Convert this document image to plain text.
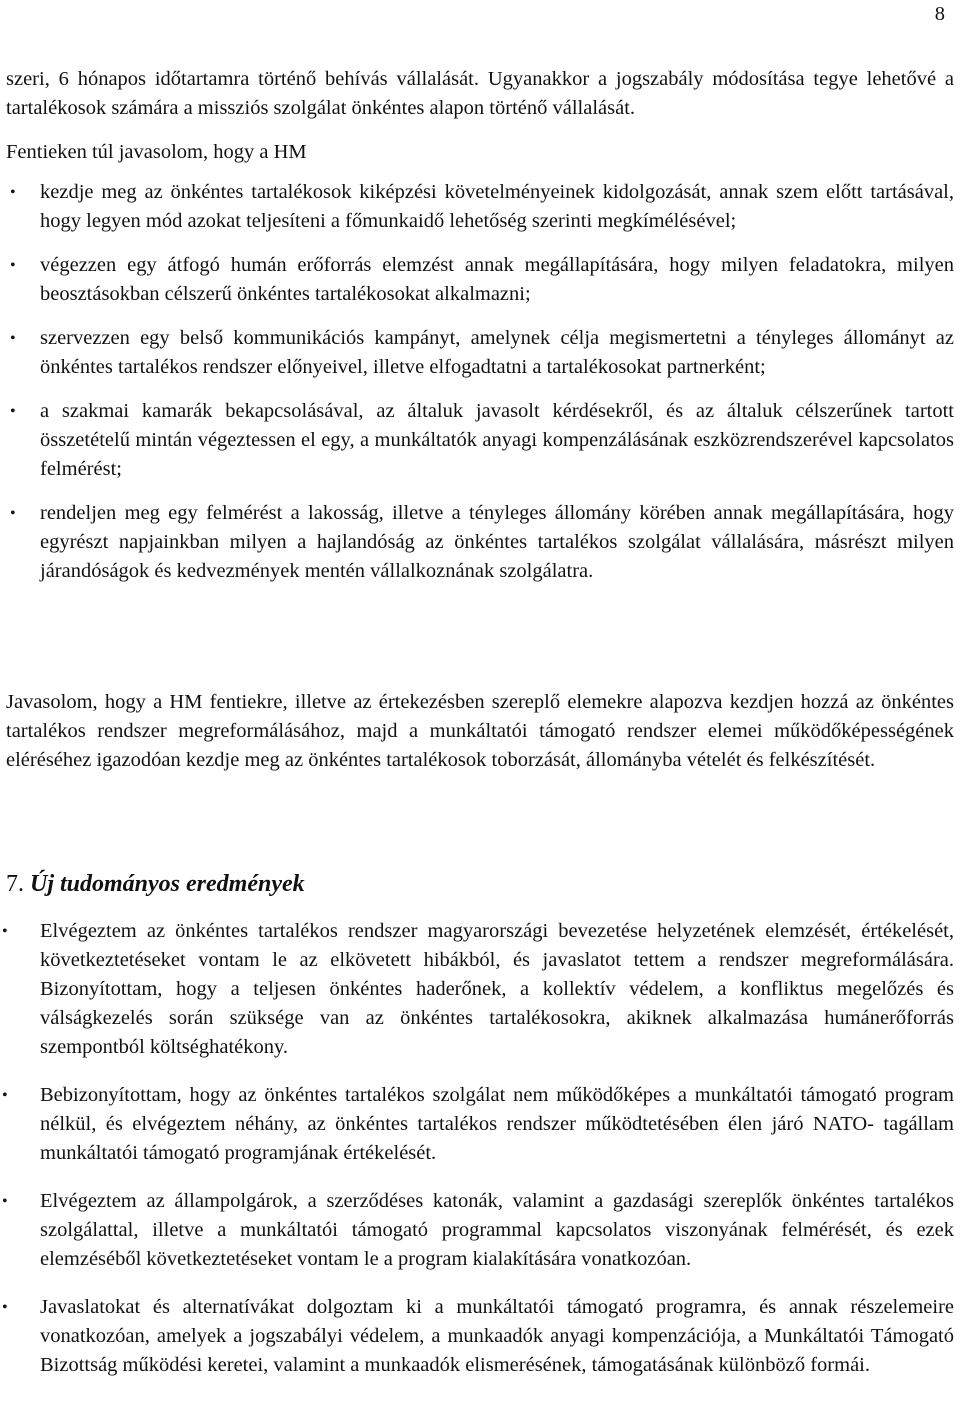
8

szeri, 6 hónapos időtartamra történő behívás vállalását. Ugyanakkor a jogszabály módosítása tegye lehetővé a tartalékosok számára a missziós szolgálat önkéntes alapon történő vállalását.

Fentieken túl javasolom, hogy a HM

• kezdje meg az önkéntes tartalékosok kiképzési követelményeinek kidolgozását, annak szem előtt tartásával, hogy legyen mód azokat teljesíteni a főmunkaidő lehetőség szerinti megkímélésével;
• végezzen egy átfogó humán erőforrás elemzést annak megállapítására, hogy milyen feladatokra, milyen beosztásokban célszerű önkéntes tartalékosokat alkalmazni;
• szervezzen egy belső kommunikációs kampányt, amelynek célja megismertetni a tényleges állományt az önkéntes tartalékos rendszer előnyeivel, illetve elfogadtatni a tartalékosokat partnerként;
• a szakmai kamarák bekapcsolásával, az általuk javasolt kérdésekről, és az általuk célszerűnek tartott összetételű mintán végeztessen el egy, a munkáltatók anyagi kompenzálásának eszközrendszerével kapcsolatos felmérést;
• rendeljen meg egy felmérést a lakosság, illetve a tényleges állomány körében annak megállapítására, hogy egyrészt napjainkban milyen a hajlandóság az önkéntes tartalékos szolgálat vállalására, másrészt milyen járandóságok és kedvezmények mentén vállalkoznának szolgálatra.

Javasolom, hogy a HM fentiekre, illetve az értekezésben szereplő elemekre alapozva kezdjen hozzá az önkéntes tartalékos rendszer megreformálásához, majd a munkáltatói támogató rendszer elemei működőképességének eléréséhez igazodóan kezdje meg az önkéntes tartalékosok toborzását, állományba vételét és felkészítését.

7. Új tudományos eredmények
• Elvégeztem az önkéntes tartalékos rendszer magyarországi bevezetése helyzetének elemzését, értékelését, következtetéseket vontam le az elkövetett hibákból, és javaslatot tettem a rendszer megreformálására. Bizonyítottam, hogy a teljesen önkéntes haderőnek, a kollektív védelem, a konfliktus megelőzés és válságkezelés során szüksége van az önkéntes tartalékosokra, akiknek alkalmazása humánerőforrás szempontból költséghatékony.
• Bebizonyítottam, hogy az önkéntes tartalékos szolgálat nem működőképes a munkáltatói támogató program nélkül, és elvégeztem néhány, az önkéntes tartalékos rendszer működtetésében élen járó NATO- tagállam munkáltatói támogató programjának értékelését.
• Elvégeztem az állampolgárok, a szerződéses katonák, valamint a gazdasági szereplők önkéntes tartalékos szolgálattal, illetve a munkáltatói támogató programmal kapcsolatos viszonyának felmérését, és ezek elemzéséből következtetéseket vontam le a program kialakítására vonatkozóan.
• Javaslatokat és alternatívákat dolgoztam ki a munkáltatói támogató programra, és annak részelemeire vonatkozóan, amelyek a jogszabályi védelem, a munkaadók anyagi kompenzációja, a Munkáltatói Támogató Bizottság működési keretei, valamint a munkaadók elismerésének, támogatásának különböző formái.
